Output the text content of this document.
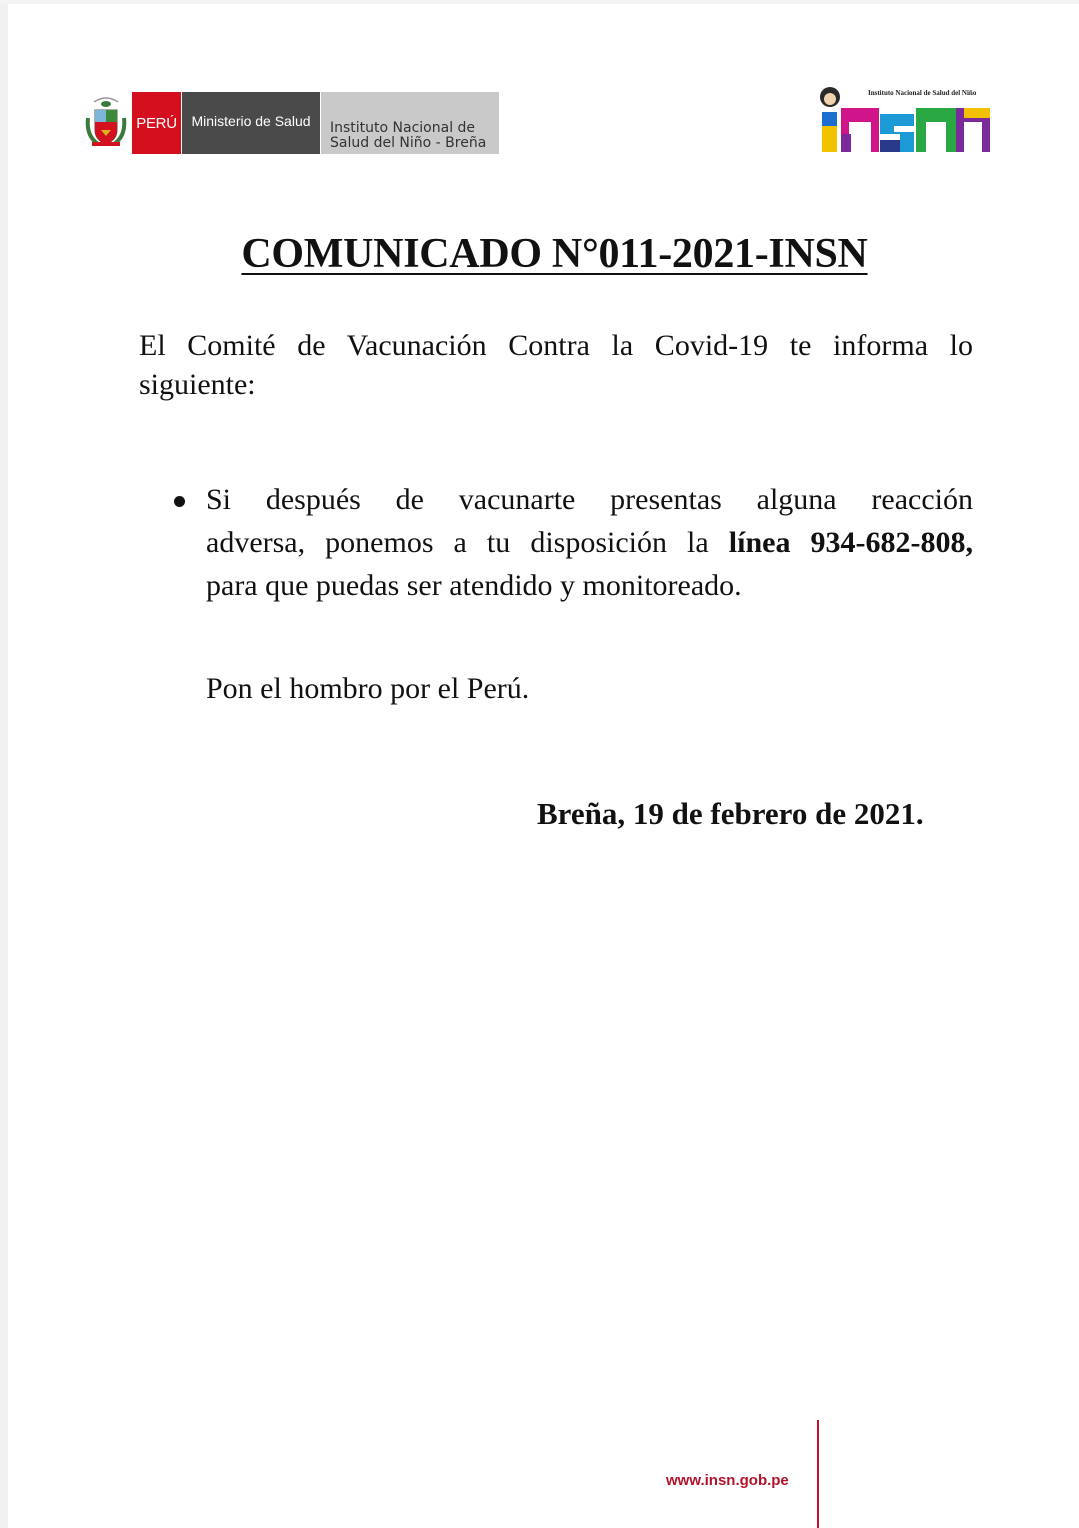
PERÚ	Ministerio de Salud	Instituto Nacional de
Salud del Niño - Breña
Instituto Nacional de Salud del Niño
COMUNICADO N°011-2021-INSN
El Comité de Vacunación Contra la Covid-19 te informa lo
siguiente:
Si después de vacunarte presentas alguna reacción
adversa, ponemos a tu disposición la línea 934-682-808,
para que puedas ser atendido y monitoreado.
Pon el hombro por el Perú.
Breña, 19 de febrero de 2021.
www.insn.gob.pe
